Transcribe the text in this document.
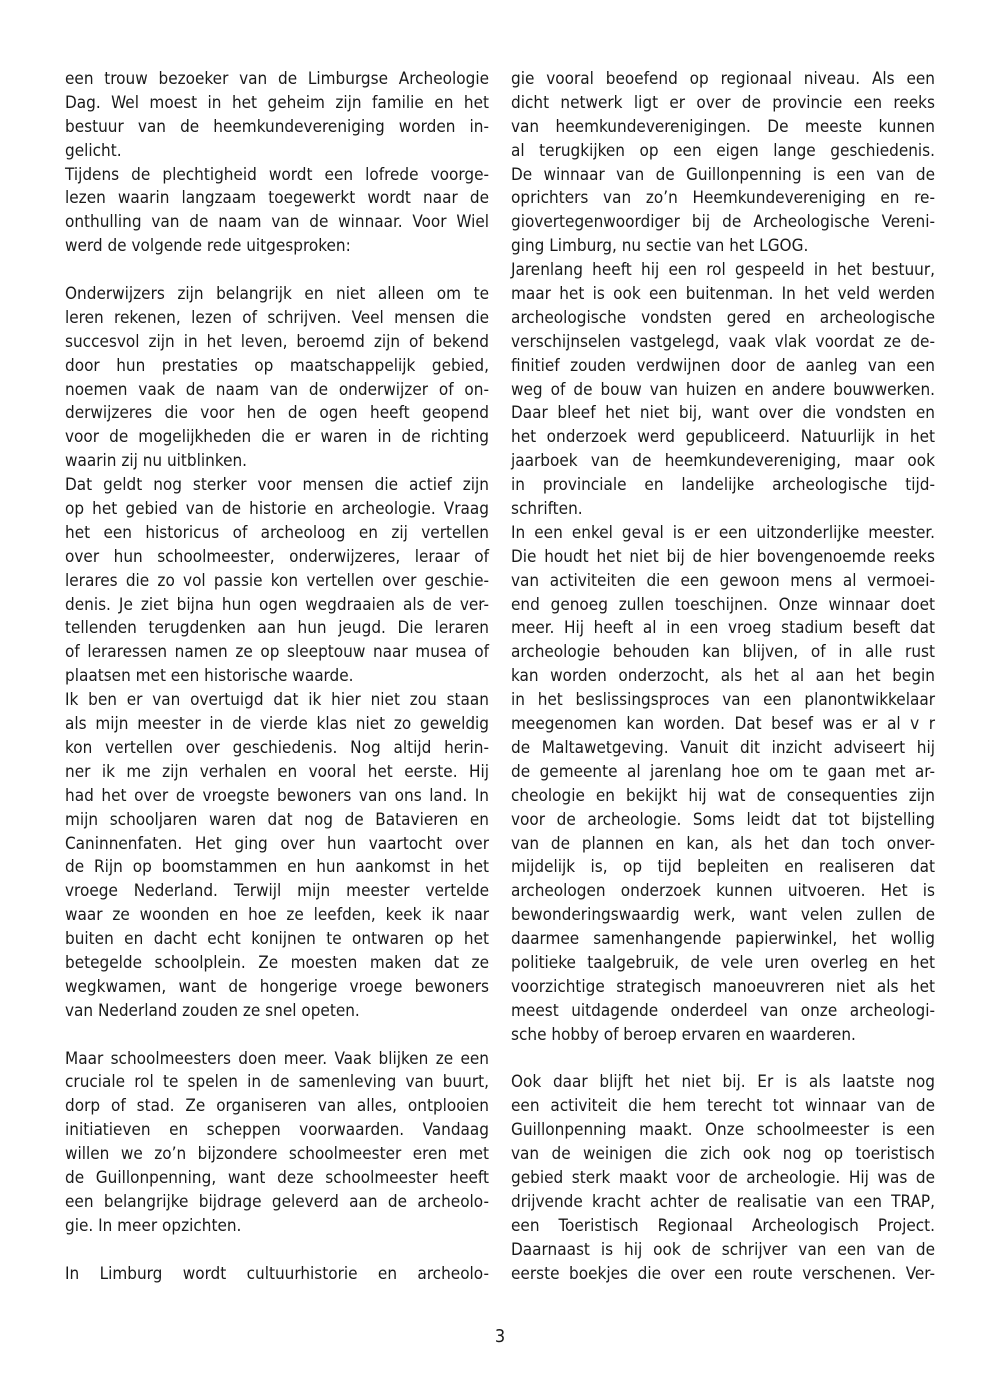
een trouw bezoeker van de Limburgse Archeologie
Dag. Wel moest in het geheim zijn familie en het
bestuur van de heemkundevereniging worden in-
gelicht.
Tijdens de plechtigheid wordt een lofrede voorge-
lezen waarin langzaam toegewerkt wordt naar de
onthulling van de naam van de winnaar. Voor Wiel
werd de volgende rede uitgesproken:
Onderwijzers zijn belangrijk en niet alleen om te
leren rekenen, lezen of schrijven. Veel mensen die
succesvol zijn in het leven, beroemd zijn of bekend
door hun prestaties op maatschappelijk gebied,
noemen vaak de naam van de onderwijzer of on-
derwijzeres die voor hen de ogen heeft geopend
voor de mogelijkheden die er waren in de richting
waarin zij nu uitblinken.
Dat geldt nog sterker voor mensen die actief zijn
op het gebied van de historie en archeologie. Vraag
het een historicus of archeoloog en zij vertellen
over hun schoolmeester, onderwijzeres, leraar of
lerares die zo vol passie kon vertellen over geschie-
denis. Je ziet bijna hun ogen wegdraaien als de ver-
tellenden terugdenken aan hun jeugd. Die leraren
of leraressen namen ze op sleeptouw naar musea of
plaatsen met een historische waarde.
Ik ben er van overtuigd dat ik hier niet zou staan
als mijn meester in de vierde klas niet zo geweldig
kon vertellen over geschiedenis. Nog altijd herin-
ner ik me zijn verhalen en vooral het eerste. Hij
had het over de vroegste bewoners van ons land. In
mijn schooljaren waren dat nog de Batavieren en
Caninnenfaten. Het ging over hun vaartocht over
de Rijn op boomstammen en hun aankomst in het
vroege Nederland. Terwijl mijn meester vertelde
waar ze woonden en hoe ze leefden, keek ik naar
buiten en dacht echt konijnen te ontwaren op het
betegelde schoolplein. Ze moesten maken dat ze
wegkwamen, want de hongerige vroege bewoners
van Nederland zouden ze snel opeten.
Maar schoolmeesters doen meer. Vaak blijken ze een
cruciale rol te spelen in de samenleving van buurt,
dorp of stad. Ze organiseren van alles, ontplooien
initiatieven en scheppen voorwaarden. Vandaag
willen we zo’n bijzondere schoolmeester eren met
de Guillonpenning, want deze schoolmeester heeft
een belangrijke bijdrage geleverd aan de archeolo-
gie. In meer opzichten.
In Limburg wordt cultuurhistorie en archeolo-
gie vooral beoefend op regionaal niveau. Als een
dicht netwerk ligt er over de provincie een reeks
van heemkundeverenigingen. De meeste kunnen
al terugkijken op een eigen lange geschiedenis.
De winnaar van de Guillonpenning is een van de
oprichters van zo’n Heemkundevereniging en re-
giovertegenwoordiger bij de Archeologische Vereni-
ging Limburg, nu sectie van het LGOG.
Jarenlang heeft hij een rol gespeeld in het bestuur,
maar het is ook een buitenman. In het veld werden
archeologische vondsten gered en archeologische
verschijnselen vastgelegd, vaak vlak voordat ze de-
finitief zouden verdwijnen door de aanleg van een
weg of de bouw van huizen en andere bouwwerken.
Daar bleef het niet bij, want over die vondsten en
het onderzoek werd gepubliceerd. Natuurlijk in het
jaarboek van de heemkundevereniging, maar ook
in provinciale en landelijke archeologische tijd-
schriften.
In een enkel geval is er een uitzonderlijke meester.
Die houdt het niet bij de hier bovengenoemde reeks
van activiteiten die een gewoon mens al vermoei-
end genoeg zullen toeschijnen. Onze winnaar doet
meer. Hij heeft al in een vroeg stadium beseft dat
archeologie behouden kan blijven, of in alle rust
kan worden onderzocht, als het al aan het begin
in het beslissingsproces van een planontwikkelaar
meegenomen kan worden. Dat besef was er al v r
de Maltawetgeving. Vanuit dit inzicht adviseert hij
de gemeente al jarenlang hoe om te gaan met ar-
cheologie en bekijkt hij wat de consequenties zijn
voor de archeologie. Soms leidt dat tot bijstelling
van de plannen en kan, als het dan toch onver-
mijdelijk is, op tijd bepleiten en realiseren dat
archeologen onderzoek kunnen uitvoeren. Het is
bewonderingswaardig werk, want velen zullen de
daarmee samenhangende papierwinkel, het wollig
politieke taalgebruik, de vele uren overleg en het
voorzichtige strategisch manoeuvreren niet als het
meest uitdagende onderdeel van onze archeologi-
sche hobby of beroep ervaren en waarderen.
Ook daar blijft het niet bij. Er is als laatste nog
een activiteit die hem terecht tot winnaar van de
Guillonpenning maakt. Onze schoolmeester is een
van de weinigen die zich ook nog op toeristisch
gebied sterk maakt voor de archeologie. Hij was de
drijvende kracht achter de realisatie van een TRAP,
een Toeristisch Regionaal Archeologisch Project.
Daarnaast is hij ook de schrijver van een van de
eerste boekjes die over een route verschenen. Ver-
3
